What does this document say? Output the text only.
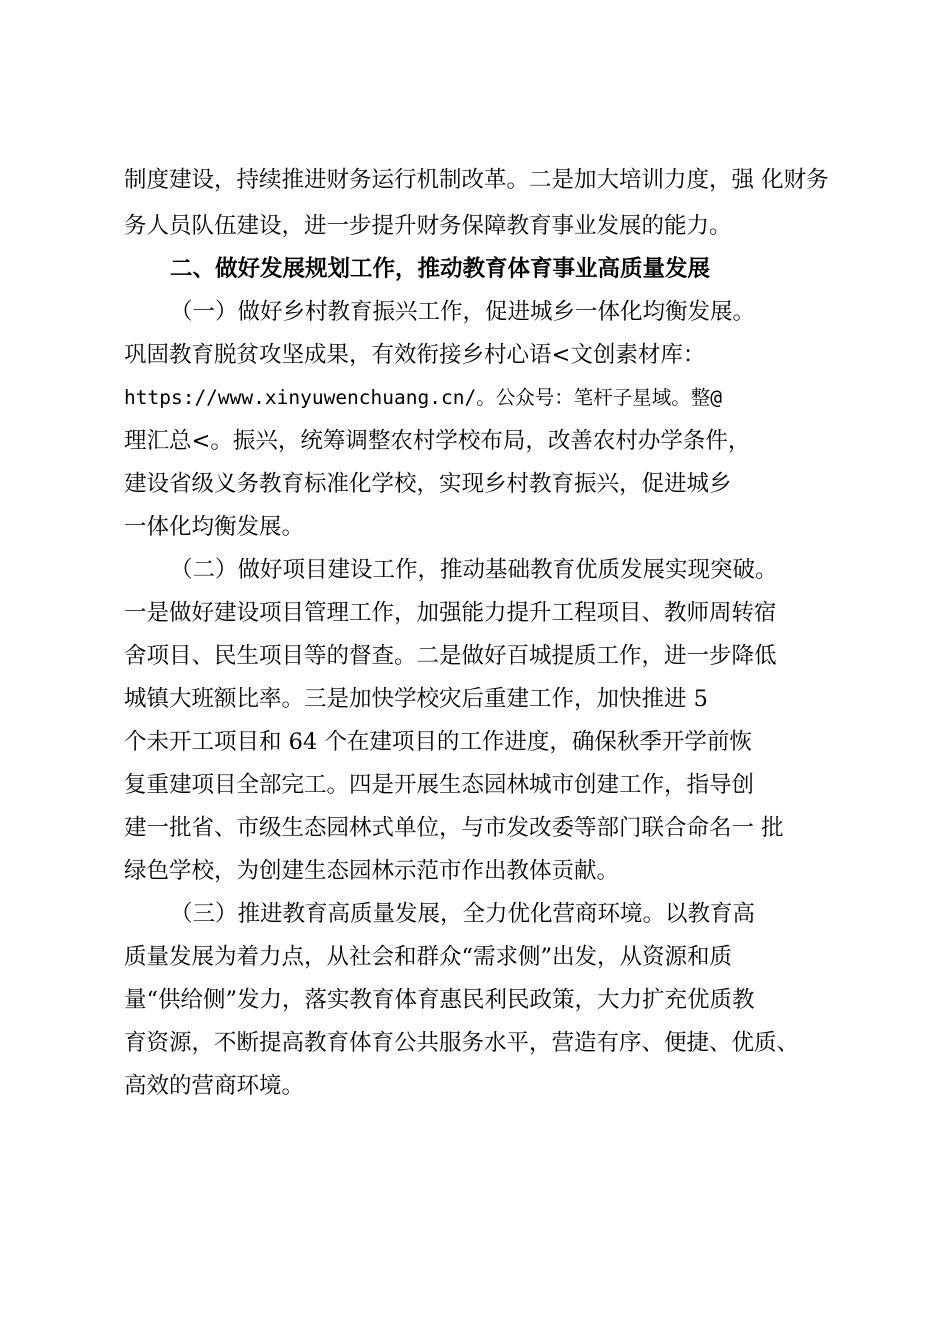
制度建设，持续推进财务运行机制改革。二是加大培训力度，强 化财务
务人员队伍建设，进一步提升财务保障教育事业发展的能力。
二、做好发展规划工作，推动教育体育事业高质量发展
（一）做好乡村教育振兴工作，促进城乡一体化均衡发展。
巩固教育脱贫攻坚成果，有效衔接乡村心语<文创素材库：
https://www.xinyuwenchuang.cn/。公众号：笔杆子星域。整@
理汇总<。振兴，统筹调整农村学校布局，改善农村办学条件，
建设省级义务教育标准化学校，实现乡村教育振兴，促进城乡
一体化均衡发展。
（二）做好项目建设工作，推动基础教育优质发展实现突破。
一是做好建设项目管理工作，加强能力提升工程项目、教师周转宿
舍项目、民生项目等的督查。二是做好百城提质工作，进一步降低
城镇大班额比率。三是加快学校灾后重建工作，加快推进 5
个未开工项目和 64 个在建项目的工作进度，确保秋季开学前恢
复重建项目全部完工。四是开展生态园林城市创建工作，指导创
建一批省、市级生态园林式单位，与市发改委等部门联合命名一 批
绿色学校，为创建生态园林示范市作出教体贡献。
（三）推进教育高质量发展，全力优化营商环境。以教育高
质量发展为着力点，从社会和群众“需求侧”出发，从资源和质
量“供给侧”发力，落实教育体育惠民利民政策，大力扩充优质教
育资源，不断提高教育体育公共服务水平，营造有序、便捷、优质、
高效的营商环境。
